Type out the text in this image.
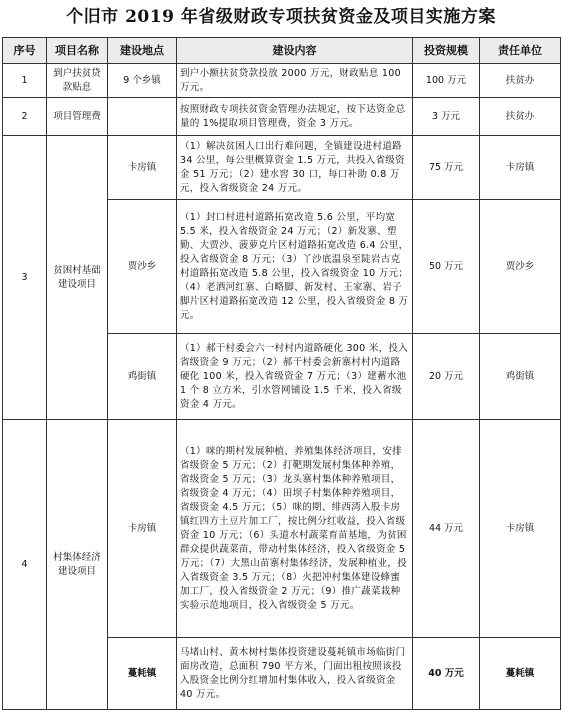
个旧市 2019 年省级财政专项扶贫资金及项目实施方案
序号	项目名称	建设地点	建设内容	投资规模	责任单位
1	到户扶贫贷款贴息	9 个乡镇	到户小额扶贫贷款投放 2000 万元，财政贴息 100 万元。	100 万元	扶贫办
2	项目管理费		按照财政专项扶贫资金管理办法规定，按下达资金总量的 1%提取项目管理费，资金 3 万元。	3 万元	扶贫办
3	贫困村基础建设项目	卡房镇	（1）解决贫困人口出行难问题，全镇建设进村道路 34 公里，每公里概算资金 1.5 万元，共投入省级资金 51 万元；（2）建水窖 30 口，每口补助 0.8 万元，投入省级资金 24 万元。	75 万元	卡房镇
		贾沙乡	（1）封口村进村道路拓宽改造 5.6 公里，平均宽 5.5 米，投入省级资金 24 万元；（2）新发寨、塑勤、大贾沙、菠萝克片区村道路拓宽改造 6.4 公里，投入省级资金 8 万元；（3）丫沙底温泉至陡岩古克村道路拓宽改造 5.8 公里，投入省级资金 10 万元；（4）老洒河红寨、白略脚、新发村、王家寨、岩子脚片区村道路拓宽改造 12 公里，投入省级资金 8 万元。	50 万元	贾沙乡
		鸡街镇	（1）郝干村委会六一村村内道路硬化 300 米，投入省级资金 9 万元；（2）郝干村委会新寨村村内道路硬化 100 米，投入省级资金 7 万元；（3）建蓄水池 1 个 8 立方米，引水管网铺设 1.5 千米，投入省级资金 4 万元。	20 万元	鸡街镇
4	村集体经济建设项目	卡房镇	（1）咪的期村发展种植、养殖集体经济项目，安排省级资金 5 万元；（2）打靶期发展村集体种养殖，省级资金 5 万元；（3）龙头寨村集体种养殖项目，省级资金 4 万元；（4）田坝子村集体种养殖项目，省级资金 4.5 万元；（5）咪的期、绯西湾入股卡房镇红四方土豆片加工厂，按比例分红收益，投入省级资金 10 万元；（6）头道水村蔬菜育苗基地，为贫困群众提供蔬菜苗，带动村集体经济，投入省级资金 5 万元；（7）大黑山苗寨村集体经济，发展种植业，投入省级资金 3.5 万元；（8）火把冲村集体建设蜂蜜加工厂，投入省级资金 2 万元；（9）推广蔬菜栽种实验示范地项目，投入省级资金 5 万元。	44 万元	卡房镇
		蔓耗镇	马堵山村、黄木树村集体投资建设蔓耗镇市场临街门面房改造，总面积 790 平方米，门面出租按照该投入股资金比例分红增加村集体收入，投入省级资金 40 万元。	40 万元	蔓耗镇
